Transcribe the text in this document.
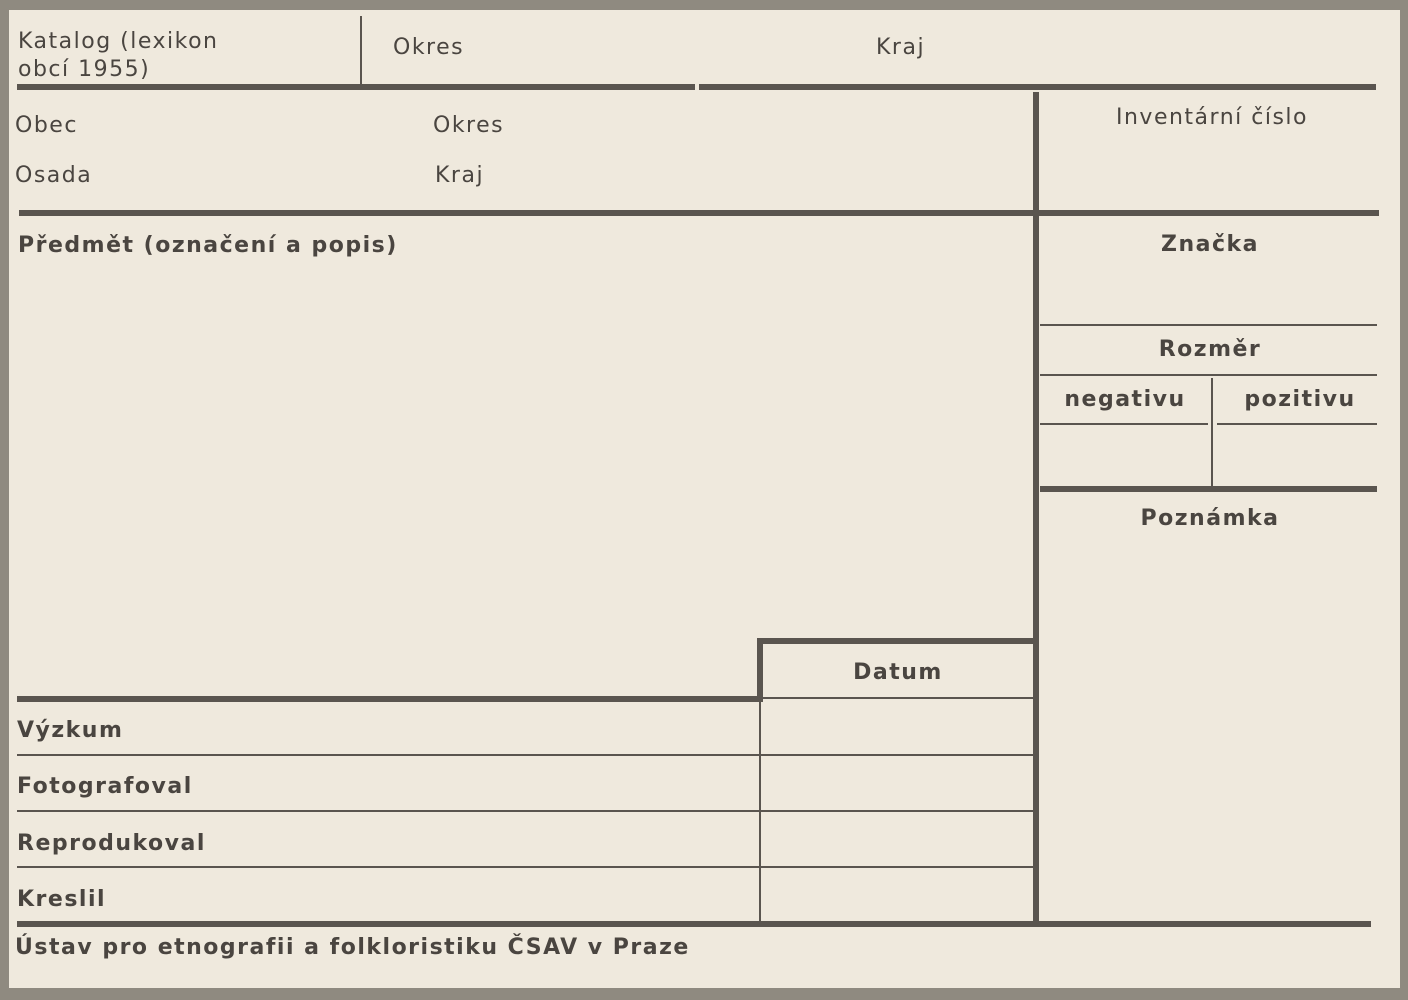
Katalog (lexikon
obcí 1955)
Okres	Kraj
Obec	Okres
Osada	Kraj
Inventární číslo
Předmět (označení a popis)	Značka
Rozměr
negativu	pozitivu
Poznámka
Datum
Výzkum
Fotografoval
Reprodukoval
Kreslil
Ústav pro etnografii a folkloristiku ČSAV v Praze
